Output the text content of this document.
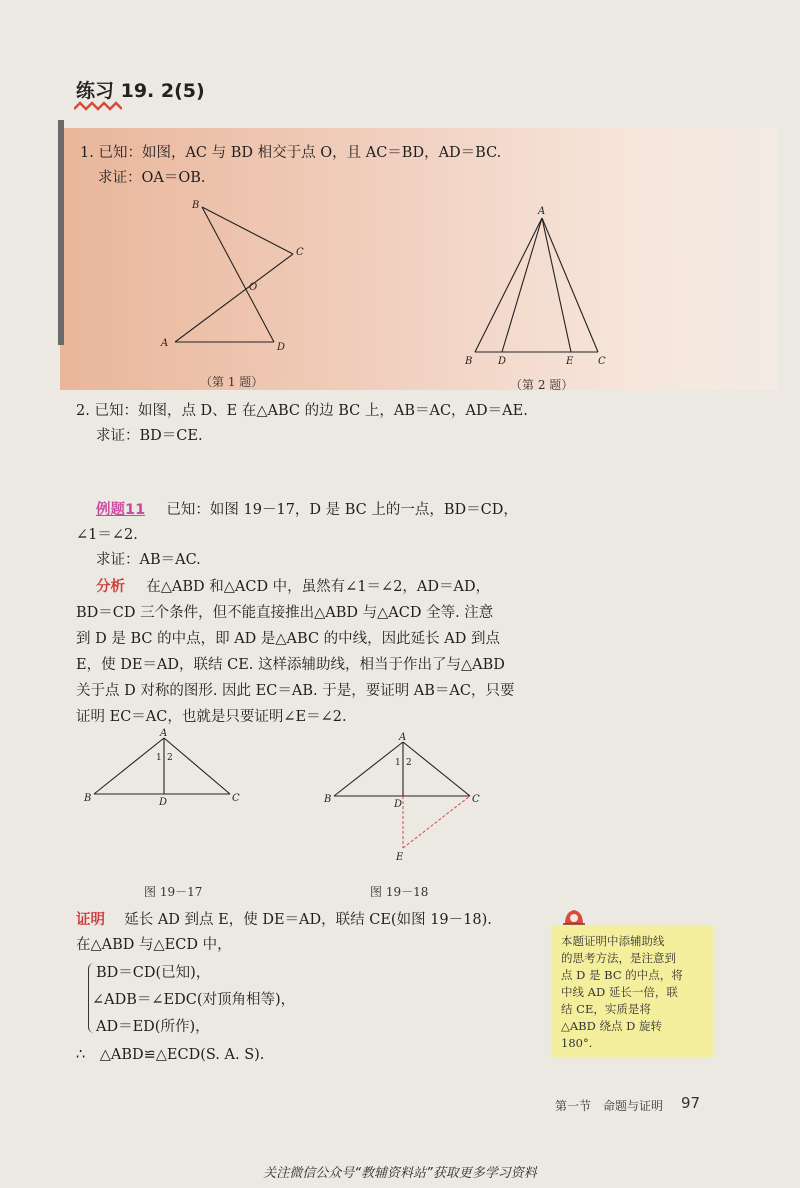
练习 19. 2(5)
1. 已知：如图，AC 与 BD 相交于点 O，且 AC＝BD，AD＝BC.
求证：OA＝OB.
B
C
O
A	D
（第 1 题）
A
B	D	E C
（第 2 题）
2. 已知：如图，点 D、E 在△ABC 的边 BC 上，AB＝AC，AD＝AE.
求证：BD＝CE.
例题11 已知：如图 19－17，D 是 BC 上的一点，BD＝CD，
∠1＝∠2.
求证：AB＝AC.
分析 在△ABD 和△ACD 中，虽然有∠1＝∠2，AD＝AD，
BD＝CD 三个条件，但不能直接推出△ABD 与△ACD 全等. 注意
到 D 是 BC 的中点，即 AD 是△ABC 的中线，因此延长 AD 到点
E，使 DE＝AD，联结 CE. 这样添辅助线，相当于作出了与△ABD
关于点 D 对称的图形. 因此 EC＝AB. 于是，要证明 AB＝AC，只要
证明 EC＝AC，也就是只要证明∠E＝∠2.
A
1 2
B	D	C
图 19－17
A
1 2
B	D	C
E
图 19－18
证明 延长 AD 到点 E，使 DE＝AD，联结 CE(如图 19－18).
在△ABD 与△ECD 中，
BD＝CD(已知)，
∠ADB＝∠EDC(对顶角相等)，
AD＝ED(所作)，
∴　△ABD≌△ECD(S. A. S).
本题证明中添辅助线
的思考方法，是注意到
点 D 是 BC 的中点，将
中线 AD 延长一倍，联
结 CE，实质是将
△ABD 绕点 D 旋转
180°.
第一节　命题与证明 97
关注微信公众号“教辅资料站”获取更多学习资料
